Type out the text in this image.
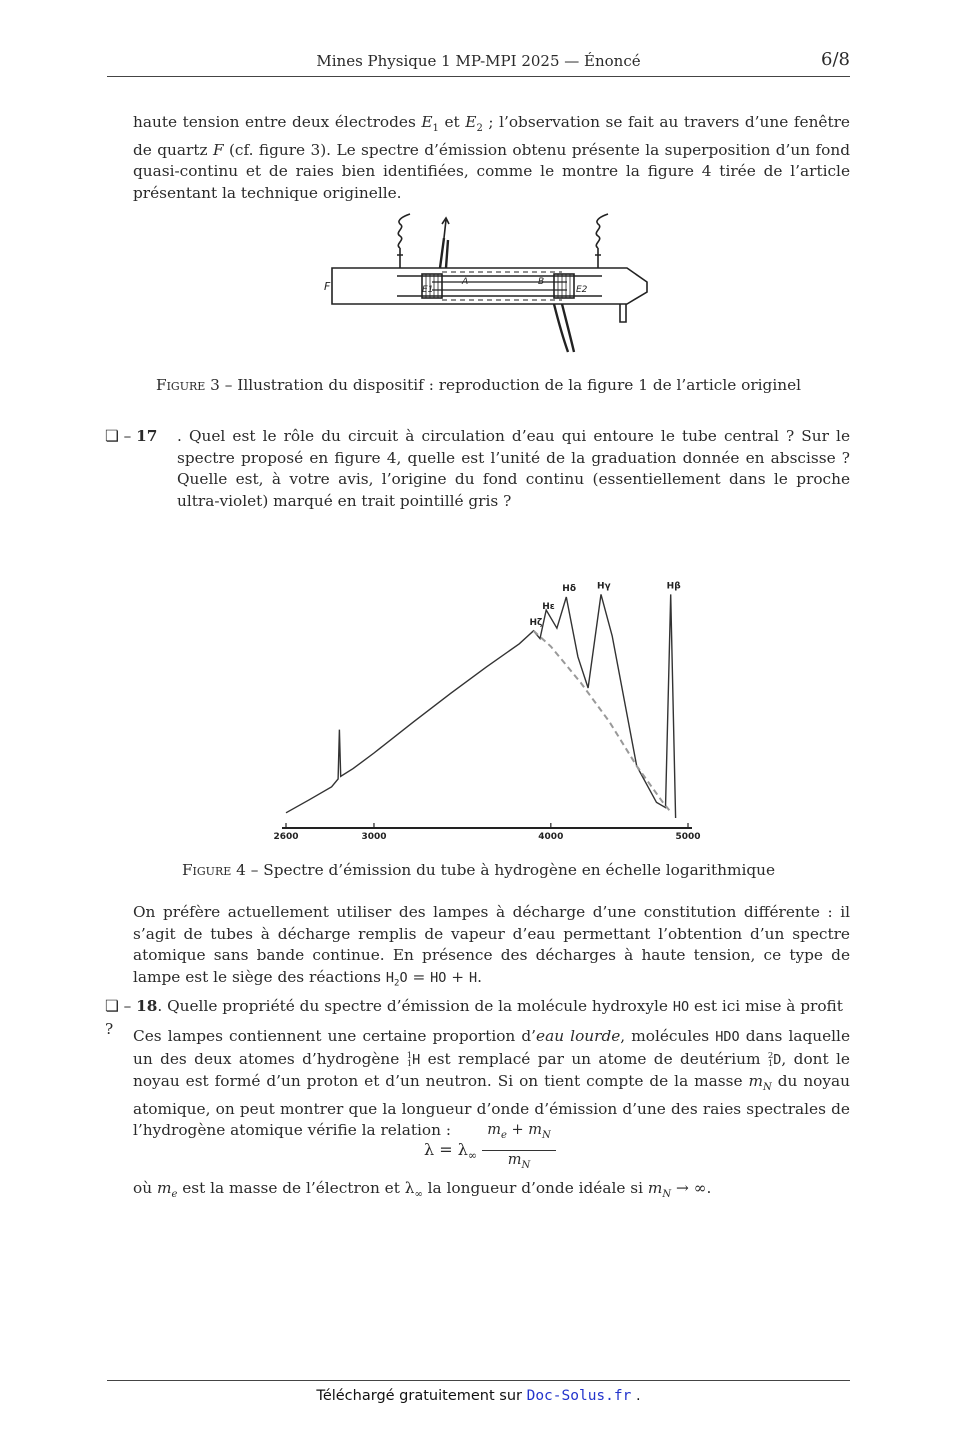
Mines Physique 1 MP-MPI 2025 — Énoncé	6/8
haute tension entre deux électrodes $E_1$ et $E_2$ ; l’observation se fait au travers d’une fenêtre de quartz F (cf. figure 3). Le spectre d’émission obtenu présente la superposition d’un fond quasi-continu et de raies bien identifiées, comme le montre la figure 4 tirée de l’article présentant la technique originelle.
F	E1	E2
A	B
Figure 3 – Illustration du dispositif : reproduction de la figure 1 de l’article originel
❏ – 17 . Quel est le rôle du circuit à circulation d’eau qui entoure le tube central ? Sur le spectre proposé en figure 4, quelle est l’unité de la graduation donnée en abscisse ? Quelle est, à votre avis, l’origine du fond continu (essentiellement dans le proche ultra-violet) marqué en trait pointillé gris ?
2600	3000	4000	5000
Hζ
Hε
Hδ Hγ	Hβ
Figure 4 – Spectre d’émission du tube à hydrogène en échelle logarithmique
On préfère actuellement utiliser des lampes à décharge d’une constitution différente : il s’agit de tubes à décharge remplis de vapeur d’eau permettant l’obtention d’un spectre atomique sans bande continue. En présence des décharges à haute tension, ce type de lampe est le siège des réactions $H_2O$ = HO + H.
❏ – 18. Quelle propriété du spectre d’émission de la molécule hydroxyle HO est ici mise à profit ?	Ces lampes contiennent une certaine proportion d’eau lourde, molécules HDO dans laquelle un des deux atomes d’hydrogène 1
1 H est remplacé par un atome de deutérium 2
1 D, dont le noyau est formé d’un proton et d’un neutron. Si on tient compte de la masse $m_N$ du noyau atomique, on peut montrer que la longueur d’onde d’émission d’une des raies spectrales de l’hydrogène atomique vérifie la relation :
$\lambda = \lambda_\infty$
$m_e + m_N$
$m_N$
où $m_e$ est la masse de l’électron et $\lambda_\infty$ la longueur d’onde idéale si $m_N$ → ∞.
Téléchargé gratuitement sur Doc-Solus.fr .
